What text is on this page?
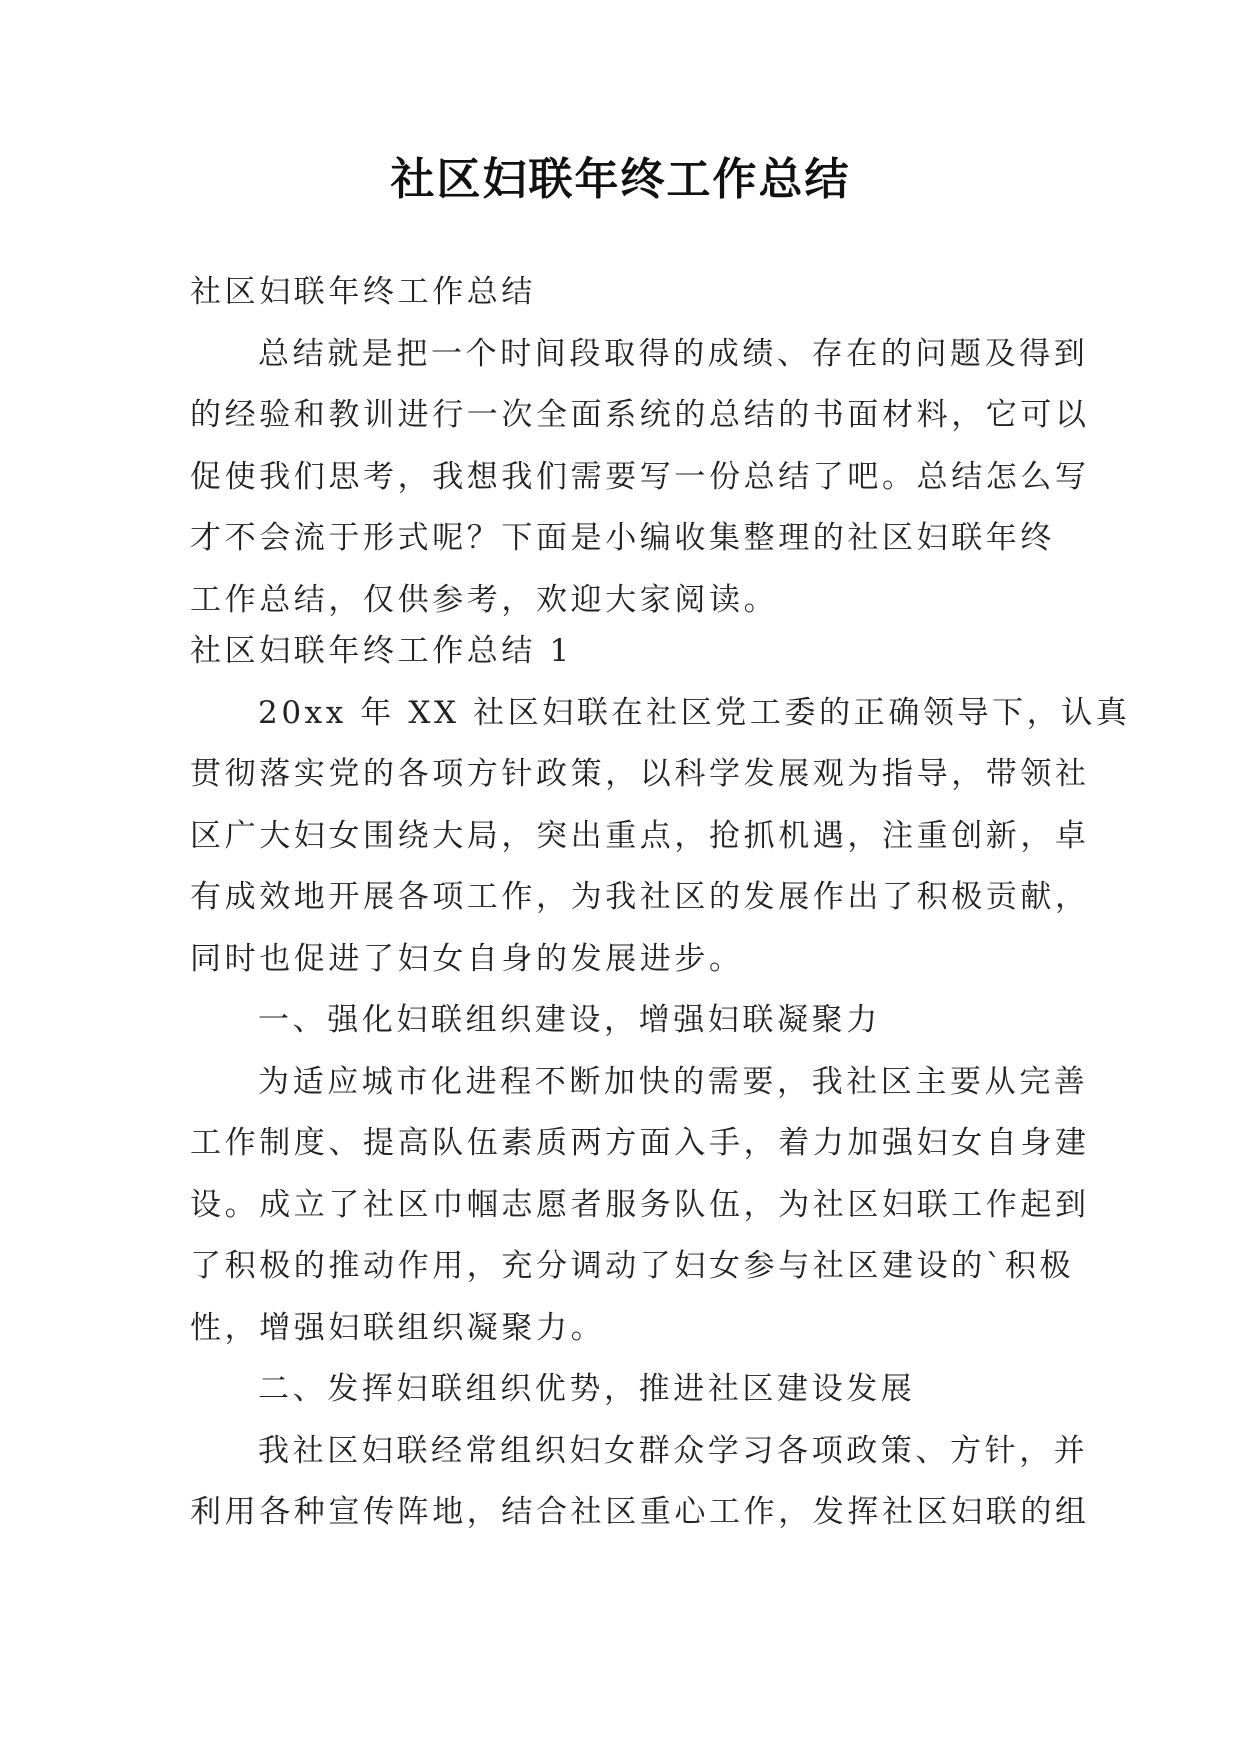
社区妇联年终工作总结
社区妇联年终工作总结
总结就是把一个时间段取得的成绩、存在的问题及得到
的经验和教训进行一次全面系统的总结的书面材料，它可以
促使我们思考，我想我们需要写一份总结了吧。总结怎么写
才不会流于形式呢？下面是小编收集整理的社区妇联年终
工作总结，仅供参考，欢迎大家阅读。
社区妇联年终工作总结 1
20xx 年 XX 社区妇联在社区党工委的正确领导下，认真
贯彻落实党的各项方针政策，以科学发展观为指导，带领社
区广大妇女围绕大局，突出重点，抢抓机遇，注重创新，卓
有成效地开展各项工作，为我社区的发展作出了积极贡献，
同时也促进了妇女自身的发展进步。
一、强化妇联组织建设，增强妇联凝聚力
为适应城市化进程不断加快的需要，我社区主要从完善
工作制度、提高队伍素质两方面入手，着力加强妇女自身建
设。成立了社区巾帼志愿者服务队伍，为社区妇联工作起到
了积极的推动作用，充分调动了妇女参与社区建设的`积极
性，增强妇联组织凝聚力。
二、发挥妇联组织优势，推进社区建设发展
我社区妇联经常组织妇女群众学习各项政策、方针，并
利用各种宣传阵地，结合社区重心工作，发挥社区妇联的组
